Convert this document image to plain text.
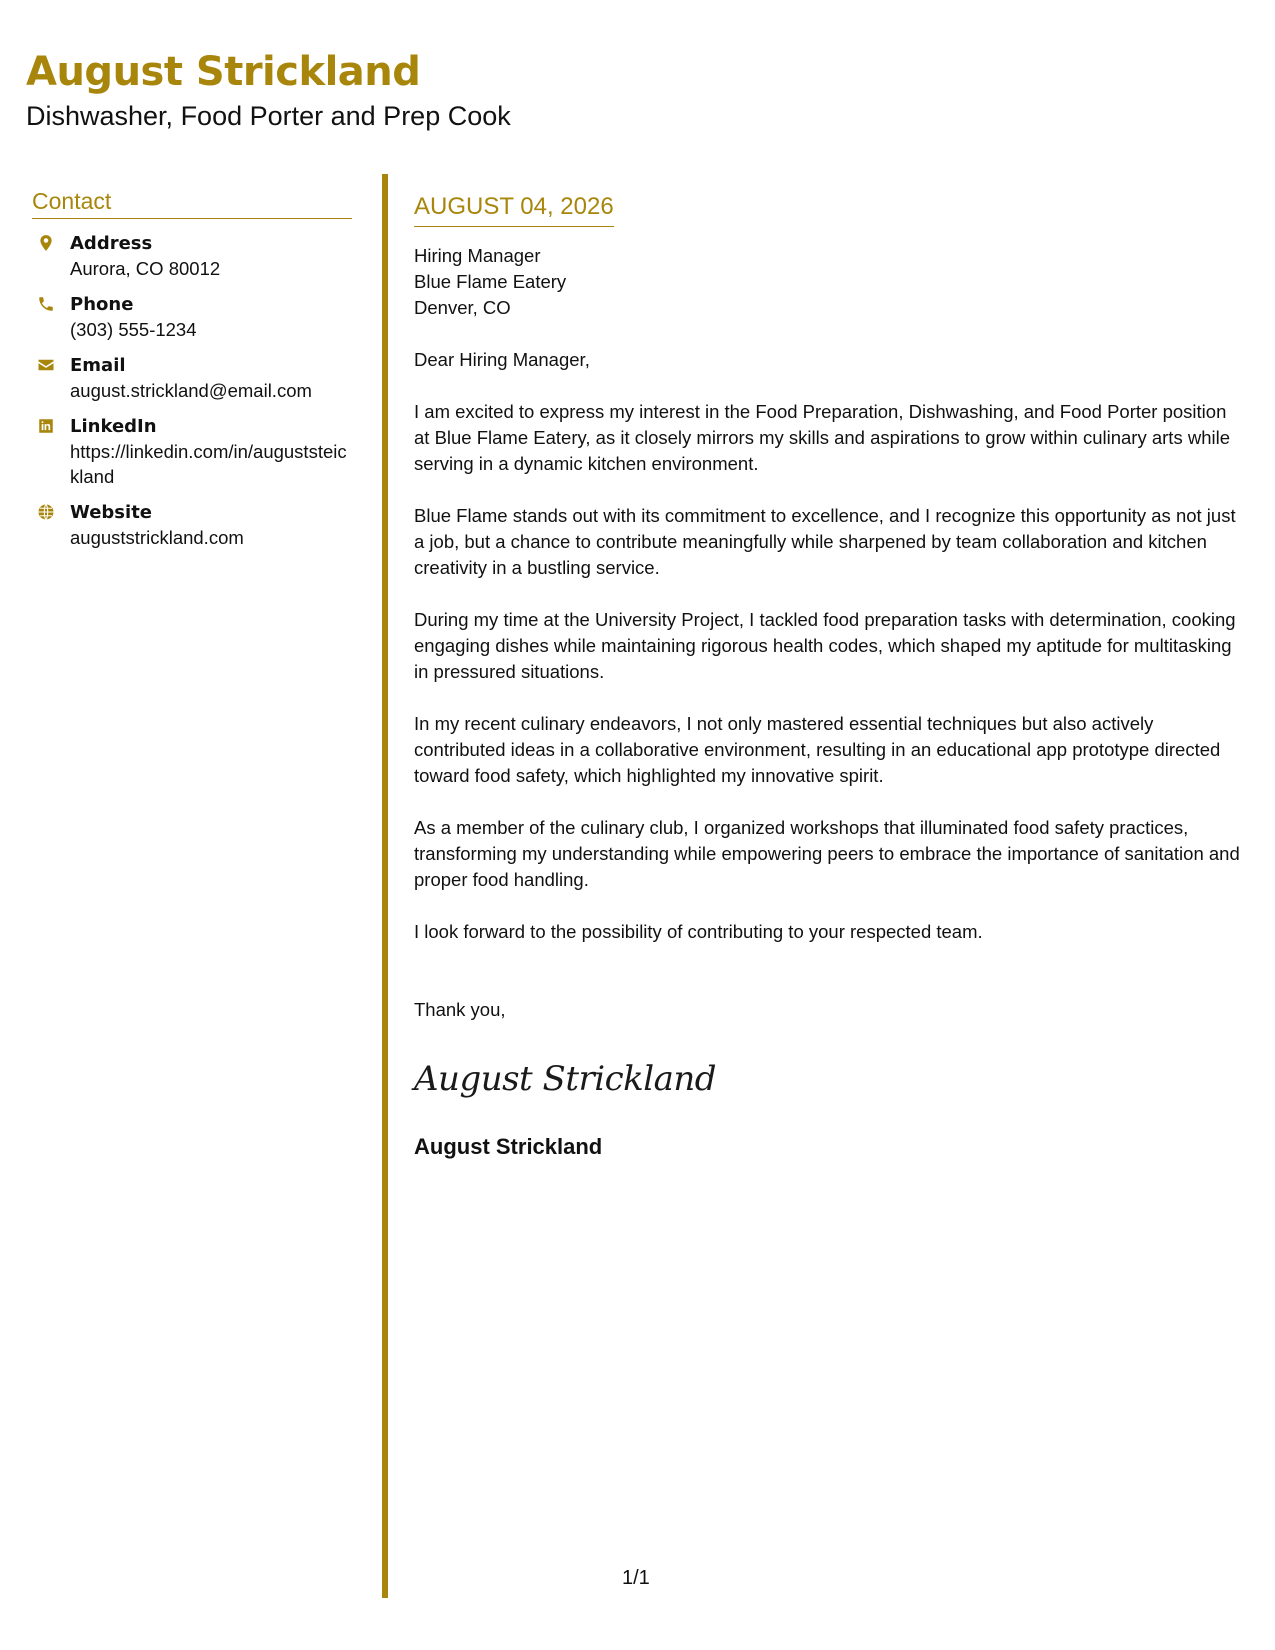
August Strickland
Dishwasher, Food Porter and Prep Cook
Contact
Address
Aurora, CO 80012
Phone
(303) 555-1234
Email
august.strickland@email.com
LinkedIn
https://linkedin.com/in/auguststeickland
Website
auguststrickland.com
AUGUST 04, 2026
Hiring Manager
Blue Flame Eatery
Denver, CO
Dear Hiring Manager,

I am excited to express my interest in the Food Preparation, Dishwashing, and Food Porter position at Blue Flame Eatery, as it closely mirrors my skills and aspirations to grow within culinary arts while serving in a dynamic kitchen environment.

Blue Flame stands out with its commitment to excellence, and I recognize this opportunity as not just a job, but a chance to contribute meaningfully while sharpened by team collaboration and kitchen creativity in a bustling service.

During my time at the University Project, I tackled food preparation tasks with determination, cooking engaging dishes while maintaining rigorous health codes, which shaped my aptitude for multitasking in pressured situations.

In my recent culinary endeavors, I not only mastered essential techniques but also actively contributed ideas in a collaborative environment, resulting in an educational app prototype directed toward food safety, which highlighted my innovative spirit.

As a member of the culinary club, I organized workshops that illuminated food safety practices, transforming my understanding while empowering peers to embrace the importance of sanitation and proper food handling.

I look forward to the possibility of contributing to your respected team.

Thank you,
August Strickland
August Strickland
1/1
